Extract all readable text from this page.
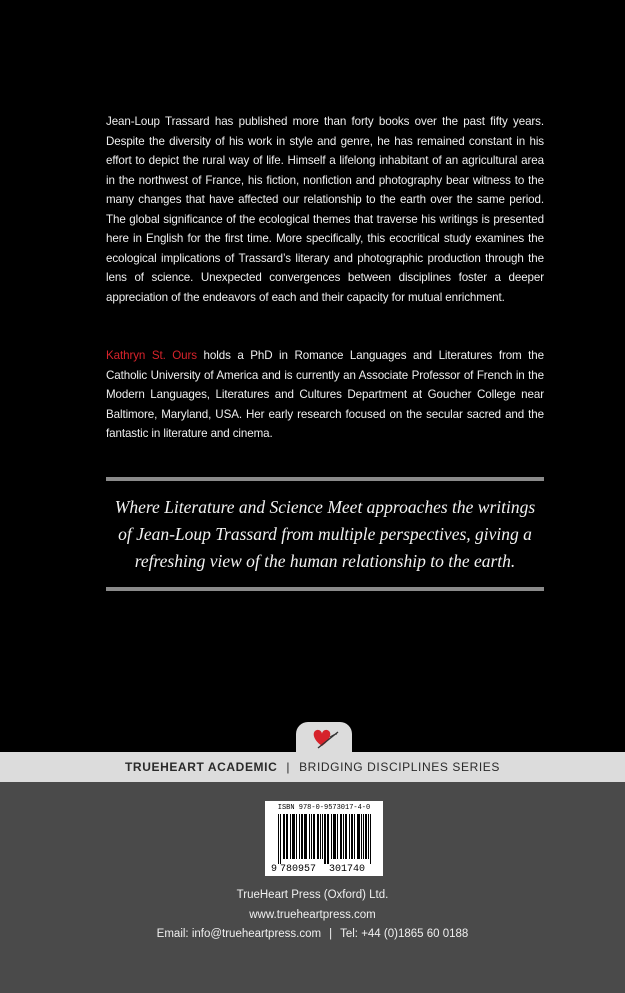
Jean-Loup Trassard has published more than forty books over the past fifty years. Despite the diversity of his work in style and genre, he has remained constant in his effort to depict the rural way of life. Himself a lifelong inhabitant of an agricultural area in the northwest of France, his fiction, nonfiction and photography bear witness to the many changes that have affected our relationship to the earth over the same period. The global significance of the ecological themes that traverse his writings is presented here in English for the first time. More specifically, this ecocritical study examines the ecological implications of Trassard’s literary and photographic production through the lens of science. Unexpected convergences between disciplines foster a deeper appreciation of the endeavors of each and their capacity for mutual enrichment.

Kathryn St. Ours holds a PhD in Romance Languages and Literatures from the Catholic University of America and is currently an Associate Professor of French in the Modern Languages, Literatures and Cultures Department at Goucher College near Baltimore, Maryland, USA. Her early research focused on the secular sacred and the fantastic in literature and cinema.

Where Literature and Science Meet approaches the writings of Jean-Loup Trassard from multiple perspectives, giving a refreshing view of the human relationship to the earth.

TRUEHEART ACADEMIC | BRIDGING DISCIPLINES SERIES
ISBN 978-0-9573017-4-0
9 780957 301740

TrueHeart Press (Oxford) Ltd.

www.trueheartpress.com

Email: info@trueheartpress.com | Tel: +44 (0)1865 60 0188
